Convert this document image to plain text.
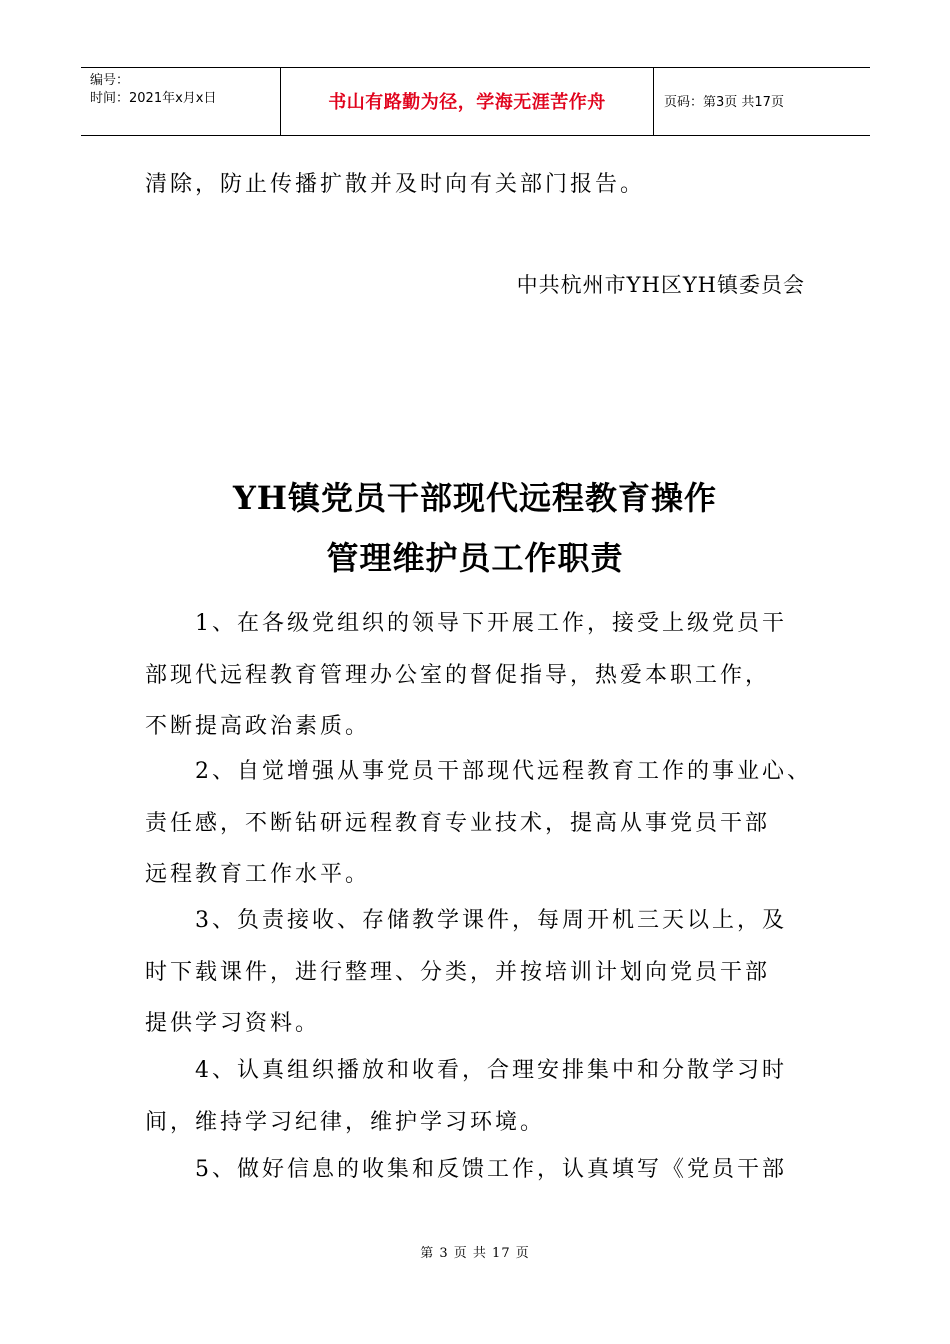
编号：
时间：2021年x月x日	书山有路勤为径，学海无涯苦作舟	页码：第3页 共17页
清除，防止传播扩散并及时向有关部门报告。
中共杭州市YH区YH镇委员会
YH镇党员干部现代远程教育操作
管理维护员工作职责
1、在各级党组织的领导下开展工作，接受上级党员干
部现代远程教育管理办公室的督促指导，热爱本职工作，
不断提高政治素质。
2、自觉增强从事党员干部现代远程教育工作的事业心、
责任感，不断钻研远程教育专业技术，提高从事党员干部
远程教育工作水平。
3、负责接收、存储教学课件，每周开机三天以上，及
时下载课件，进行整理、分类，并按培训计划向党员干部
提供学习资料。
4、认真组织播放和收看，合理安排集中和分散学习时
间，维持学习纪律，维护学习环境。
5、做好信息的收集和反馈工作，认真填写《党员干部
第 3 页 共 17 页
